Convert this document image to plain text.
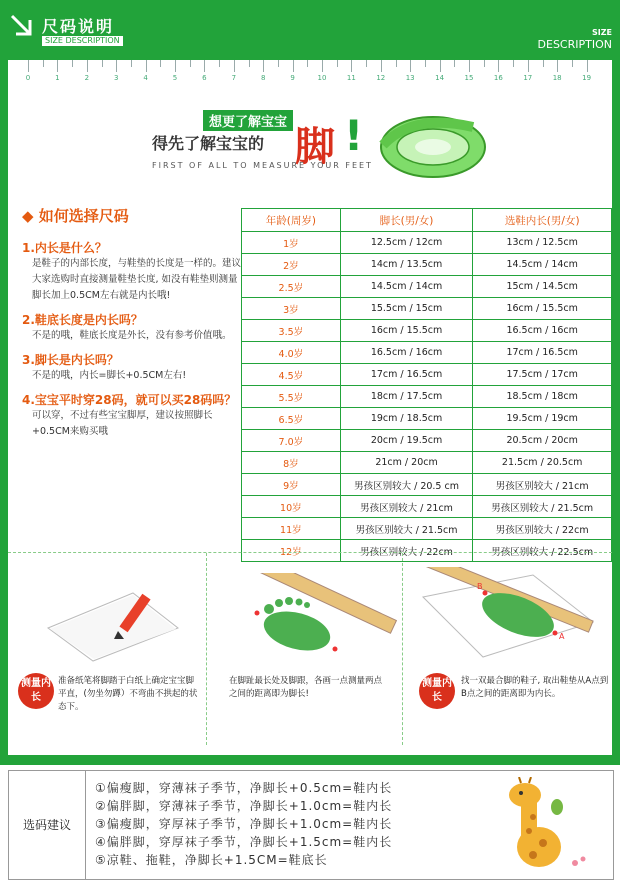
尺码说明
SIZE DESCRIPTION
SIZE
DESCRIPTION
0	1	2	3	4	5	6	7	8	9	10	11	12	13	14	15	16	17	18	19
想更了解宝宝
得先了解宝宝的 脚 !
FIRST OF ALL TO MEASURE YOUR FEET
◆ 如何选择尺码
1.内长是什么？
是鞋子的内部长度，与鞋垫的长度是一样的。建议大家选购时直接测量鞋垫长度, 如没有鞋垫则测量脚长加上0.5CM左右就是内长哦!
2.鞋底长度是内长吗？
不是的哦，鞋底长度是外长，没有参考价值哦。
3.脚长是内长吗？
不是的哦，内长=脚长+0.5CM左右!
4.宝宝平时穿28码，就可以买28码吗？
可以穿，不过有些宝宝脚厚，建议按照脚长+0.5CM来购买哦
年龄(周岁)	脚长(男/女)	选鞋内长(男/女)
1岁	12.5cm / 12cm	13cm / 12.5cm
2岁	14cm / 13.5cm	14.5cm / 14cm
2.5岁	14.5cm / 14cm	15cm / 14.5cm
3岁	15.5cm / 15cm	16cm / 15.5cm
3.5岁	16cm / 15.5cm	16.5cm / 16cm
4.0岁	16.5cm / 16cm	17cm / 16.5cm
4.5岁	17cm / 16.5cm	17.5cm / 17cm
5.5岁	18cm / 17.5cm	18.5cm / 18cm
6.5岁	19cm / 18.5cm	19.5cm / 19cm
7.0岁	20cm / 19.5cm	20.5cm / 20cm
8岁	21cm / 20cm	21.5cm / 20.5cm
9岁	男孩区别较大 / 20.5 cm	男孩区别较大 / 21cm
10岁	男孩区别较大 / 21cm	男孩区别较大 / 21.5cm
11岁	男孩区别较大 / 21.5cm	男孩区别较大 / 22cm
12岁	男孩区别较大 / 22cm	男孩区别较大 / 22.5cm
测量内长
准备纸笔将脚踏于白纸上确定宝宝脚平直，(勿坐勿蹲）不弯曲不拱起的状态下。
在脚趾最长处及脚跟，各画一点测量两点之间的距离即为脚长!
B
A
测量内长
找一双最合脚的鞋子, 取出鞋垫从A点到B点之间的距离即为内长。
选码建议
①偏瘦脚，穿薄袜子季节，净脚长+0.5cm=鞋内长
②偏胖脚，穿薄袜子季节，净脚长+1.0cm=鞋内长
③偏瘦脚，穿厚袜子季节，净脚长+1.0cm=鞋内长
④偏胖脚，穿厚袜子季节，净脚长+1.5cm=鞋内长
⑤凉鞋、拖鞋，净脚长+1.5CM=鞋底长
